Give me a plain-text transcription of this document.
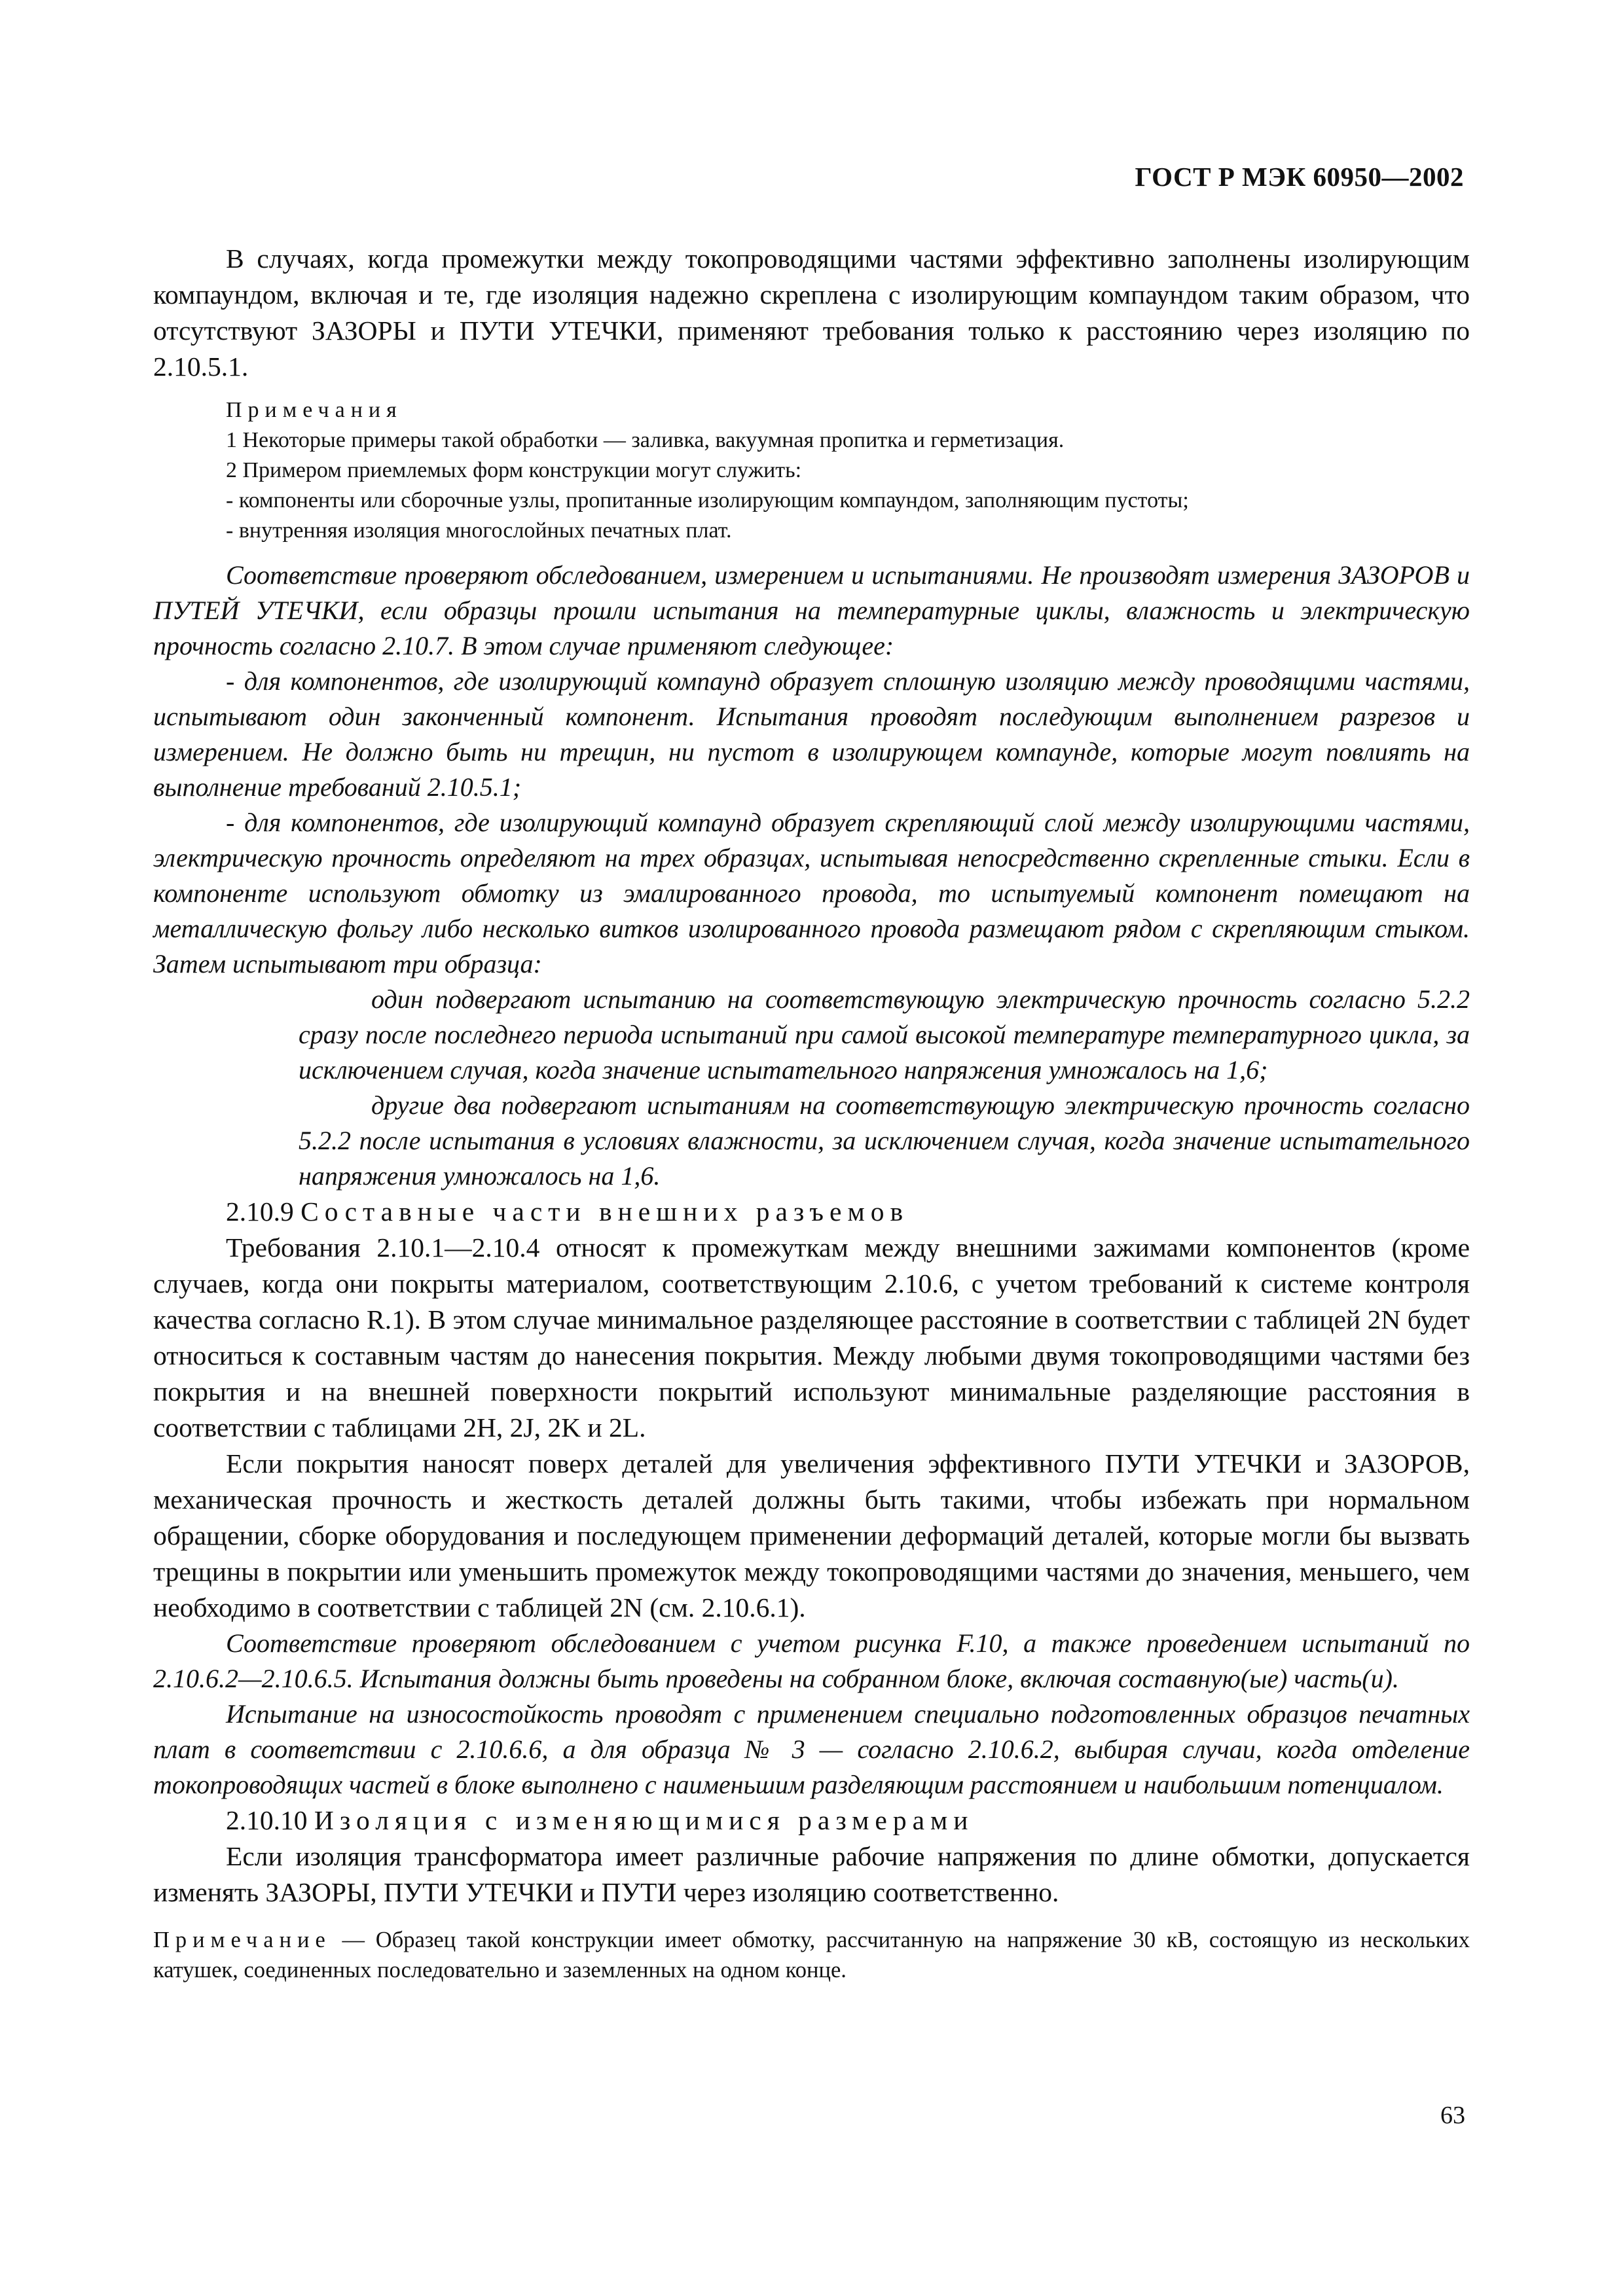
ГОСТ Р МЭК 60950—2002

В случаях, когда промежутки между токопроводящими частями эффективно заполнены изолирующим компаундом, включая и те, где изоляция надежно скреплена с изолирующим компаундом таким образом, что отсутствуют ЗАЗОРЫ и ПУТИ УТЕЧКИ, применяют требования только к расстоянию через изоляцию по 2.10.5.1.

Примечания

1 Некоторые примеры такой обработки — заливка, вакуумная пропитка и герметизация.

2 Примером приемлемых форм конструкции могут служить:

- компоненты или сборочные узлы, пропитанные изолирующим компаундом, заполняющим пустоты;

- внутренняя изоляция многослойных печатных плат.

Соответствие проверяют обследованием, измерением и испытаниями. Не производят измерения ЗАЗОРОВ и ПУТЕЙ УТЕЧКИ, если образцы прошли испытания на температурные циклы, влажность и электрическую прочность согласно 2.10.7. В этом случае применяют следующее:

- для компонентов, где изолирующий компаунд образует сплошную изоляцию между проводящими частями, испытывают один законченный компонент. Испытания проводят последующим выполнением разрезов и измерением. Не должно быть ни трещин, ни пустот в изолирующем компаунде, которые могут повлиять на выполнение требований 2.10.5.1;

- для компонентов, где изолирующий компаунд образует скрепляющий слой между изолирующими частями, электрическую прочность определяют на трех образцах, испытывая непосредственно скрепленные стыки. Если в компоненте используют обмотку из эмалированного провода, то испытуемый компонент помещают на металлическую фольгу либо несколько витков изолированного провода размещают рядом с скрепляющим стыком. Затем испытывают три образца:

один подвергают испытанию на соответствующую электрическую прочность согласно 5.2.2 сразу после последнего периода испытаний при самой высокой температуре температурного цикла, за исключением случая, когда значение испытательного напряжения умножалось на 1,6;

другие два подвергают испытаниям на соответствующую электрическую прочность согласно 5.2.2 после испытания в условиях влажности, за исключением случая, когда значение испытательного напряжения умножалось на 1,6.

2.10.9 Составные части внешних разъемов

Требования 2.10.1—2.10.4 относят к промежуткам между внешними зажимами компонентов (кроме случаев, когда они покрыты материалом, соответствующим 2.10.6, с учетом требований к системе контроля качества согласно R.1). В этом случае минимальное разделяющее расстояние в соответствии с таблицей 2N будет относиться к составным частям до нанесения покрытия. Между любыми двумя токопроводящими частями без покрытия и на внешней поверхности покрытий используют минимальные разделяющие расстояния в соответствии с таблицами 2H, 2J, 2K и 2L.

Если покрытия наносят поверх деталей для увеличения эффективного ПУТИ УТЕЧКИ и ЗАЗОРОВ, механическая прочность и жесткость деталей должны быть такими, чтобы избежать при нормальном обращении, сборке оборудования и последующем применении деформаций деталей, которые могли бы вызвать трещины в покрытии или уменьшить промежуток между токопроводящими частями до значения, меньшего, чем необходимо в соответствии с таблицей 2N (см. 2.10.6.1).

Соответствие проверяют обследованием с учетом рисунка F.10, а также проведением испытаний по 2.10.6.2—2.10.6.5. Испытания должны быть проведены на собранном блоке, включая составную(ые) часть(и).

Испытание на износостойкость проводят с применением специально подготовленных образцов печатных плат в соответствии с 2.10.6.6, а для образца № 3 — согласно 2.10.6.2, выбирая случаи, когда отделение токопроводящих частей в блоке выполнено с наименьшим разделяющим расстоянием и наибольшим потенциалом.

2.10.10 Изоляция с изменяющимися размерами

Если изоляция трансформатора имеет различные рабочие напряжения по длине обмотки, допускается изменять ЗАЗОРЫ, ПУТИ УТЕЧКИ и ПУТИ через изоляцию соответственно.

Примечание — Образец такой конструкции имеет обмотку, рассчитанную на напряжение 30 кВ, состоящую из нескольких катушек, соединенных последовательно и заземленных на одном конце.

63
